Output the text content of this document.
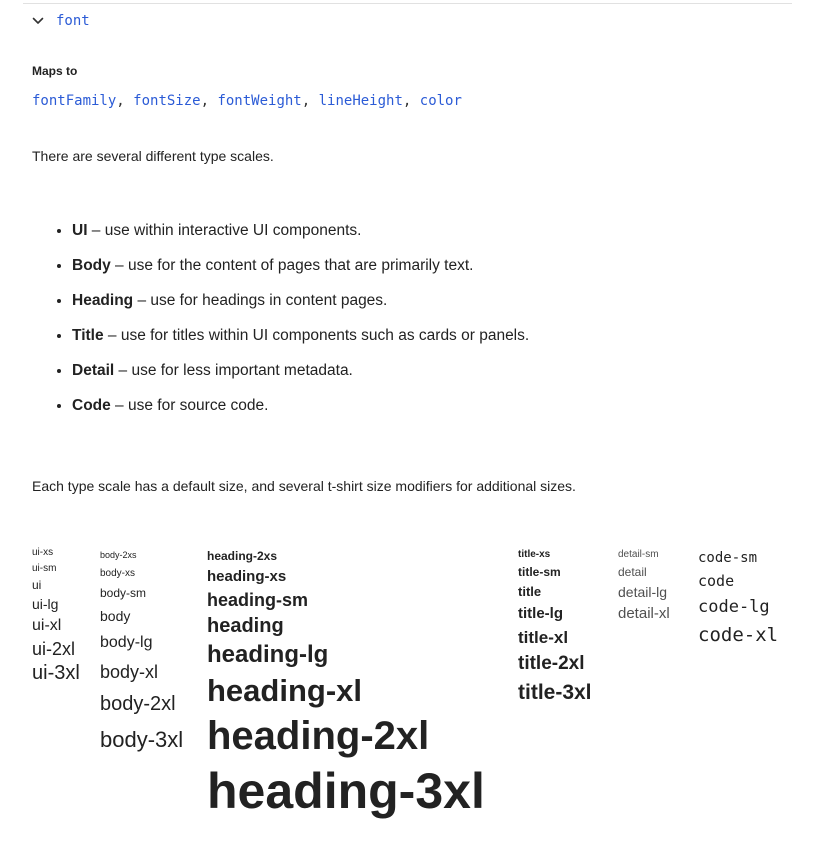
font
Maps to
fontFamily, fontSize, fontWeight, lineHeight, color
There are several different type scales.
• UI – use within interactive UI components.
• Body – use for the content of pages that are primarily text.
• Heading – use for headings in content pages.
• Title – use for titles within UI components such as cards or panels.
• Detail – use for less important metadata.
• Code – use for source code.
Each type scale has a default size, and several t-shirt size modifiers for additional sizes.
ui-xs
ui-sm
ui
ui-lg
ui-xl
ui-2xl
ui-3xl
body-2xs
body-xs
body-sm
body
body-lg
body-xl
body-2xl
body-3xl
heading-2xs
heading-xs
heading-sm
heading
heading-lg
heading-xl
heading-2xl
heading-3xl
title-xs
title-sm
title
title-lg
title-xl
title-2xl
title-3xl
detail-sm
detail
detail-lg
detail-xl
code-sm
code
code-lg
code-xl
